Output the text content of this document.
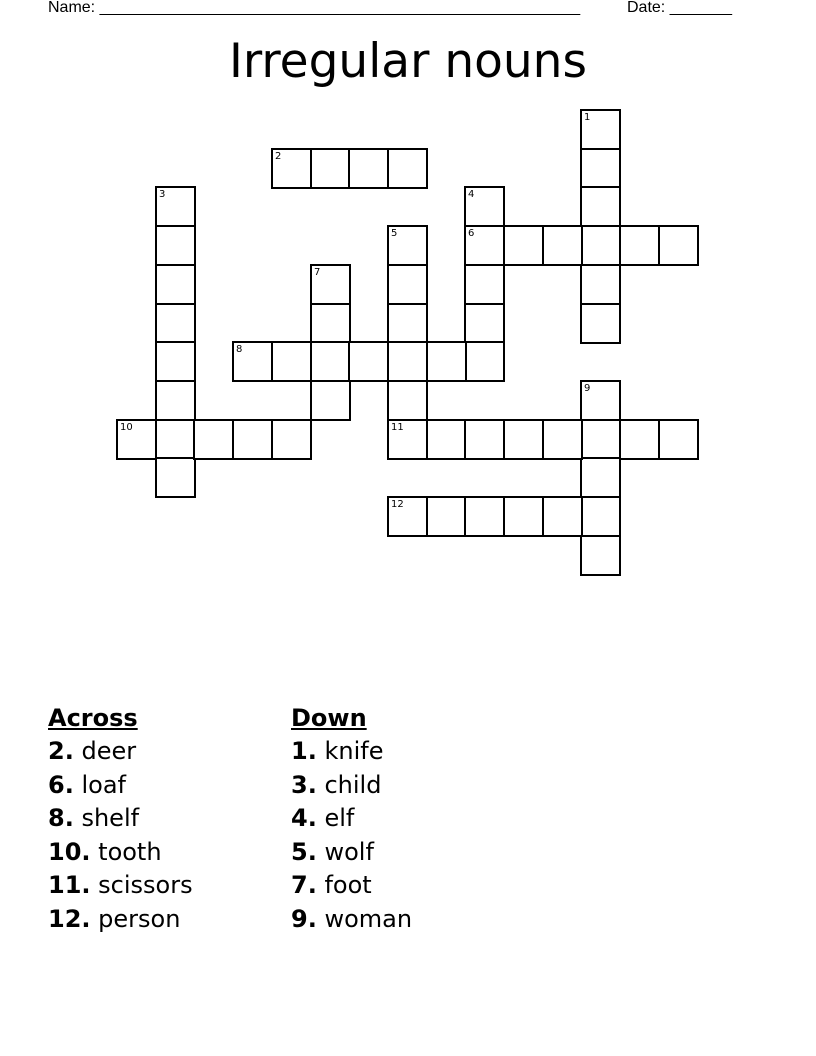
Name: ______________________________________________________	Date: _______
Irregular nouns
1
2
3	4
6
5
7
8
9
10	11
12
Across
2. deer
6. loaf
8. shelf
10. tooth
11. scissors
12. person
Down
1. knife
3. child
4. elf
5. wolf
7. foot
9. woman
